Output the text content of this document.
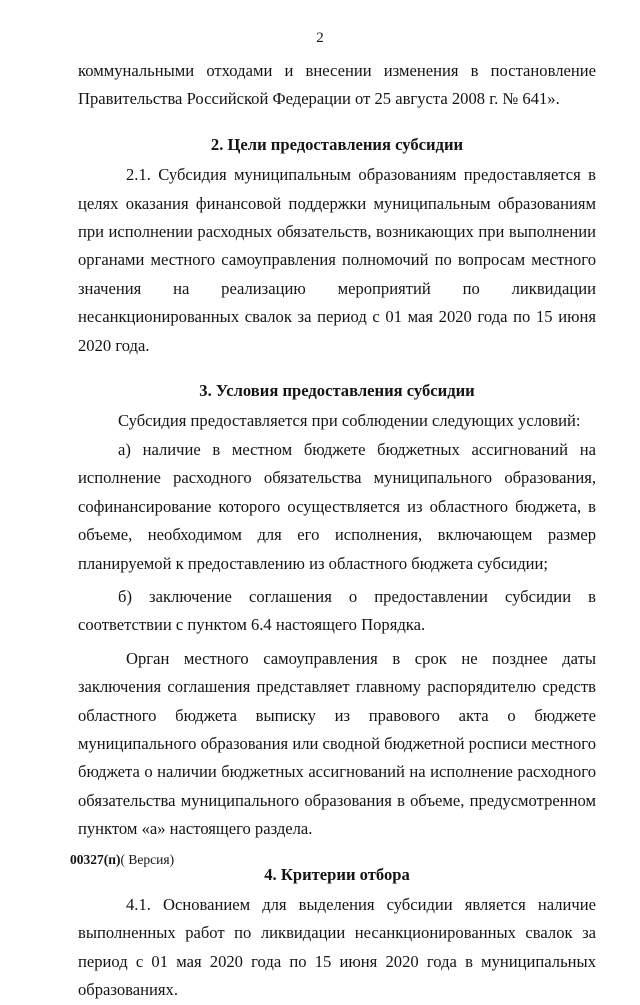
2

коммунальными отходами и внесении изменения в постановление Правительства Российской Федерации от 25 августа 2008 г. № 641».

2. Цели предоставления субсидии

2.1. Субсидия муниципальным образованиям предоставляется в целях оказания финансовой поддержки муниципальным образованиям при исполнении расходных обязательств, возникающих при выполнении органами местного самоуправления полномочий по вопросам местного значения на реализацию мероприятий по ликвидации несанкционированных свалок за период с 01 мая 2020 года по 15 июня 2020 года.

3. Условия предоставления субсидии

Субсидия предоставляется при соблюдении следующих условий:

а) наличие в местном бюджете бюджетных ассигнований на исполнение расходного обязательства муниципального образования, софинансирование которого осуществляется из областного бюджета, в объеме, необходимом для его исполнения, включающем размер планируемой к предоставлению из областного бюджета субсидии;

б) заключение соглашения о предоставлении субсидии в соответствии с пунктом 6.4 настоящего Порядка.

Орган местного самоуправления в срок не позднее даты заключения соглашения представляет главному распорядителю средств областного бюджета выписку из правового акта о бюджете муниципального образования или сводной бюджетной росписи местного бюджета о наличии бюджетных ассигнований на исполнение расходного обязательства муниципального образования в объеме, предусмотренном пунктом «а» настоящего раздела.

4. Критерии отбора

4.1. Основанием для выделения субсидии является наличие выполненных работ по ликвидации несанкционированных свалок за период с 01 мая 2020 года по 15 июня 2020 года в муниципальных образованиях.

00327(п)( Версия)
